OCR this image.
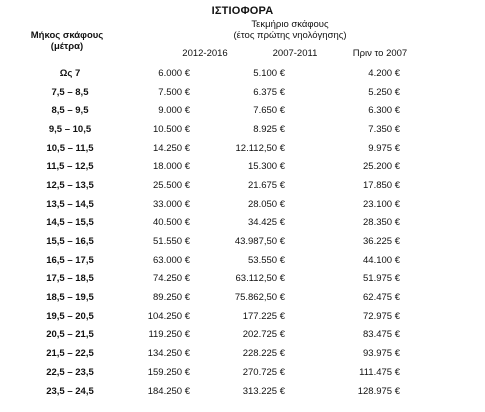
ΙΣΤΙΟΦΟΡΑ
Μήκος σκάφους
(μέτρα)
Τεκμήριο σκάφους
(έτος πρώτης νηολόγησης)
2012-2016	2007-2011	Πριν το 2007
Ως 7	6.000 €	5.100 €	4.200 €
7,5 – 8,5	7.500 €	6.375 €	5.250 €
8,5 – 9,5	9.000 €	7.650 €	6.300 €
9,5 – 10,5	10.500 €	8.925 €	7.350 €
10,5 – 11,5	14.250 €	12.112,50 €	9.975 €
11,5 – 12,5	18.000 €	15.300 €	25.200 €
12,5 – 13,5	25.500 €	21.675 €	17.850 €
13,5 – 14,5	33.000 €	28.050 €	23.100 €
14,5 – 15,5	40.500 €	34.425 €	28.350 €
15,5 – 16,5	51.550 €	43.987,50 €	36.225 €
16,5 – 17,5	63.000 €	53.550 €	44.100 €
17,5 – 18,5	74.250 €	63.112,50 €	51.975 €
18,5 – 19,5	89.250 €	75.862,50 €	62.475 €
19,5 – 20,5	104.250 €	177.225 €	72.975 €
20,5 – 21,5	119.250 €	202.725 €	83.475 €
21,5 – 22,5	134.250 €	228.225 €	93.975 €
22,5 – 23,5	159.250 €	270.725 €	111.475 €
23,5 – 24,5	184.250 €	313.225 €	128.975 €
